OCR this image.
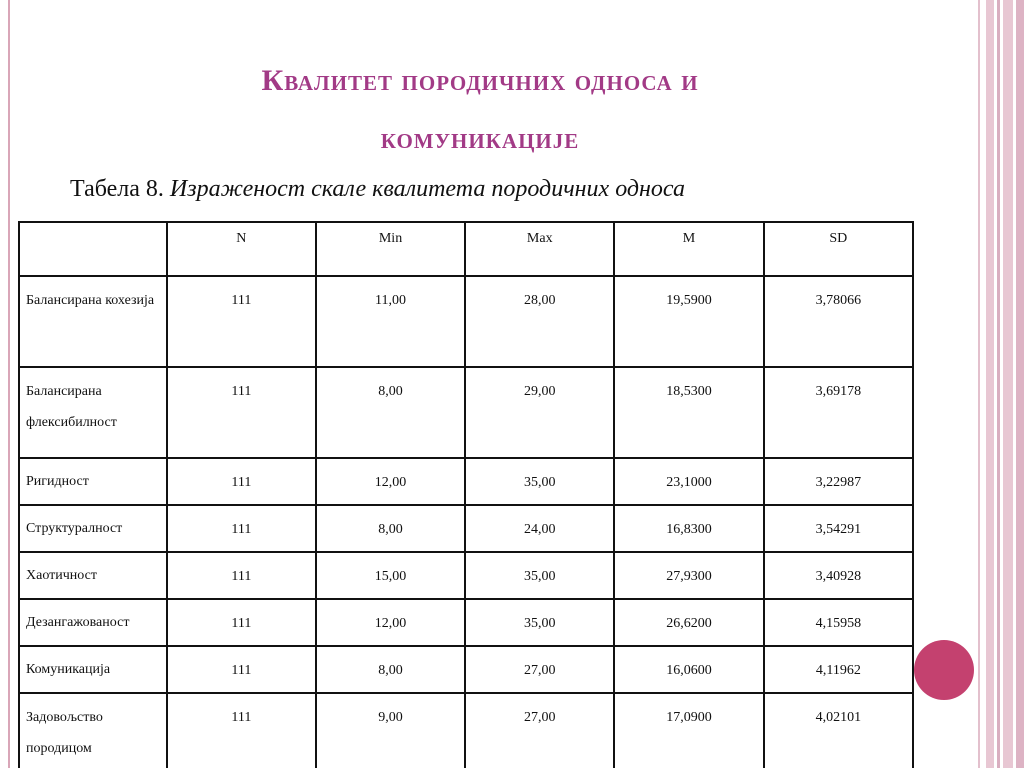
Квалитет породичних односа и
комуникације
Табела 8. Израженост скале квалитета породичних односа
	N	Min	Max	M	SD
Балансирана кохезија	111	11,00	28,00	19,5900	3,78066
Балансирана флексибилност	111	8,00	29,00	18,5300	3,69178
Ригидност	111	12,00	35,00	23,1000	3,22987
Структуралност	111	8,00	24,00	16,8300	3,54291
Хаотичност	111	15,00	35,00	27,9300	3,40928
Дезангажованост	111	12,00	35,00	26,6200	4,15958
Комуникација	111	8,00	27,00	16,0600	4,11962
Задовољство породицом	111	9,00	27,00	17,0900	4,02101
